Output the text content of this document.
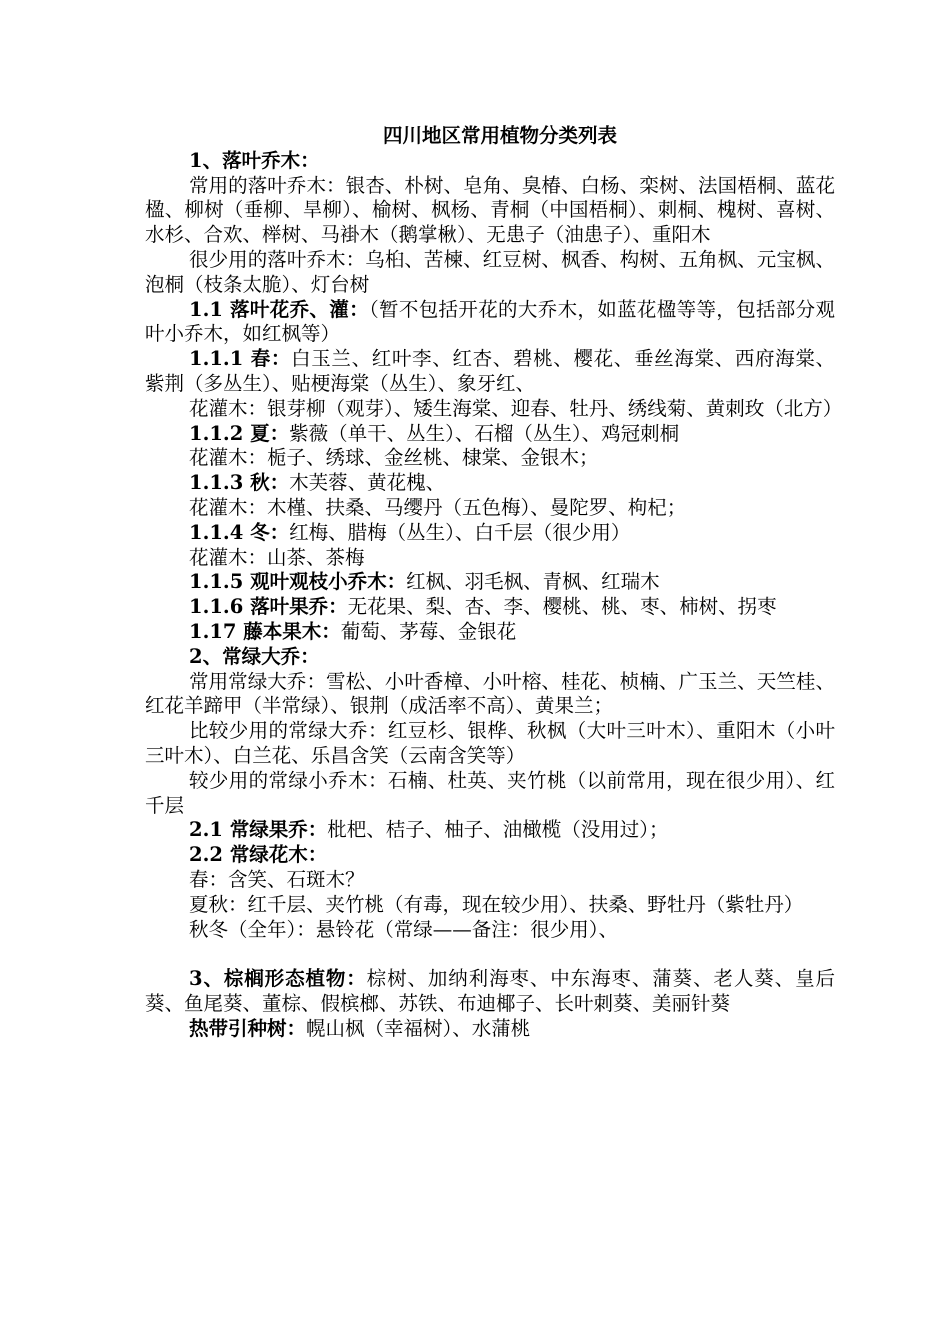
四川地区常用植物分类列表

1、落叶乔木：

常用的落叶乔木：银杏、朴树、皂角、臭椿、白杨、栾树、法国梧桐、蓝花楹、柳树（垂柳、旱柳）、榆树、枫杨、青桐（中国梧桐）、刺桐、槐树、喜树、水杉、合欢、榉树、马褂木（鹅掌楸）、无患子（油患子）、重阳木

很少用的落叶乔木：乌桕、苦楝、红豆树、枫香、构树、五角枫、元宝枫、泡桐（枝条太脆）、灯台树

1.1 落叶花乔、灌：（暂不包括开花的大乔木，如蓝花楹等等，包括部分观叶小乔木，如红枫等）

1.1.1 春：白玉兰、红叶李、红杏、碧桃、樱花、垂丝海棠、西府海棠、紫荆（多丛生）、贴梗海棠（丛生）、象牙红、

花灌木：银芽柳（观芽）、矮生海棠、迎春、牡丹、绣线菊、黄刺玫（北方）

1.1.2 夏：紫薇（单干、丛生）、石榴（丛生）、鸡冠刺桐

花灌木：栀子、绣球、金丝桃、棣棠、金银木；

1.1.3 秋：木芙蓉、黄花槐、

花灌木：木槿、扶桑、马缨丹（五色梅）、曼陀罗、枸杞；

1.1.4 冬：红梅、腊梅（丛生）、白千层（很少用）

花灌木：山茶、茶梅

1.1.5 观叶观枝小乔木：红枫、羽毛枫、青枫、红瑞木

1.1.6 落叶果乔：无花果、梨、杏、李、樱桃、桃、枣、柿树、拐枣

1.17 藤本果木：葡萄、茅莓、金银花

2、常绿大乔：

常用常绿大乔：雪松、小叶香樟、小叶榕、桂花、桢楠、广玉兰、天竺桂、红花羊蹄甲（半常绿）、银荆（成活率不高）、黄果兰；

比较少用的常绿大乔：红豆杉、银桦、秋枫（大叶三叶木）、重阳木（小叶三叶木）、白兰花、乐昌含笑（云南含笑等）

较少用的常绿小乔木：石楠、杜英、夹竹桃（以前常用，现在很少用）、红千层

2.1 常绿果乔：枇杷、桔子、柚子、油橄榄（没用过）；

2.2 常绿花木：

春：含笑、石斑木？

夏秋：红千层、夹竹桃（有毒，现在较少用）、扶桑、野牡丹（紫牡丹）

秋冬（全年）：悬铃花（常绿——备注：很少用）、

3、棕榈形态植物：棕树、加纳利海枣、中东海枣、蒲葵、老人葵、皇后葵、鱼尾葵、董棕、假槟榔、苏铁、布迪椰子、长叶刺葵、美丽针葵

热带引种树：幌山枫（幸福树）、水蒲桃
